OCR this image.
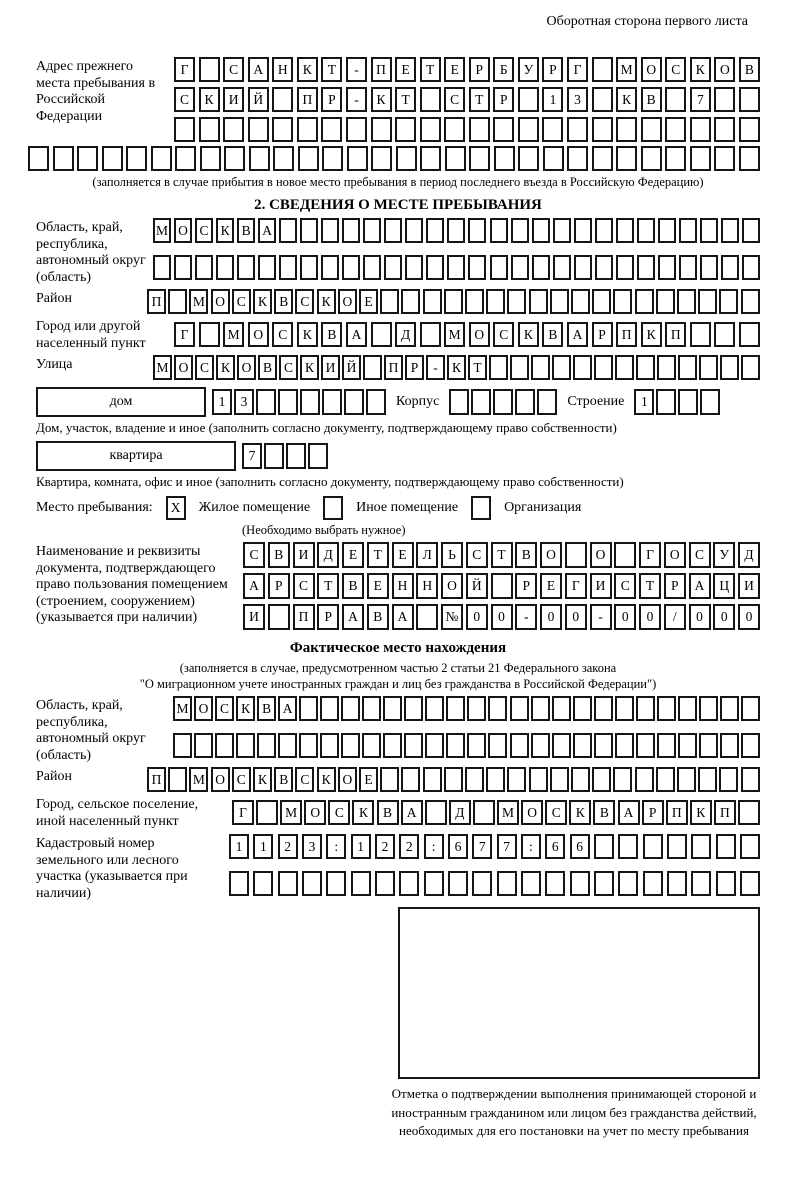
Оборотная сторона первого листа
Адрес прежнего места пребывания в Российской Федерации
Г	С	А	Н	К	Т	-	П	Е	Т	Е	Р	Б	У	Р	Г	М	О	С	К	О	В
С	К	И	Й	П	Р	-	К	Т	С	Т	Р	1	3	К	В	7
(заполняется в случае прибытия в новое место пребывания в период последнего въезда в Российскую Федерацию)
2. СВЕДЕНИЯ О МЕСТЕ ПРЕБЫВАНИЯ
Область, край, республика, автономный округ (область)
М О С К В А
Район	П	М О С К В С К О Е
Город или другой населенный пункт
Г	М	О	С	К	В	А	Д	М	О	С	К	В	А	Р	П	К	П
Улица	М О С К О В С К И Й	П Р	-	К Т
дом	1	3	Корпус	Строение	1
Дом, участок, владение и иное (заполнить согласно документу, подтверждающему право собственности)
квартира	7
Квартира, комната, офис и иное (заполнить согласно документу, подтверждающему право собственности)
Место пребывания:	X	Жилое помещение	Иное помещение	Организация
(Необходимо выбрать нужное)
Наименование и реквизиты документа, подтверждающего право пользования помещением (строением, сооружением) (указывается при наличии)
С	В	И	Д	Е	Т	Е	Л	Ь	С	Т	В	О	О	Г	О	С	У	Д
А	Р	С	Т	В	Е	Н	Н	О	Й	Р	Е	Г	И	С	Т	Р	А	Ц	И
И	П	Р	А	В	А	№	0	0	-	0	0	-	0	0	/	0	0	0
Фактическое место нахождения
(заполняется в случае, предусмотренном частью 2 статьи 21 Федерального закона
"О миграционном учете иностранных граждан и лиц без гражданства в Российской Федерации")
Область, край, республика, автономный округ (область)
М О С К В А
Район	П	М О С К В С К О Е
Город, сельское поселение, иной населенный пункт
Г	М О	С	К	В	А	Д	М О	С	К	В	А	Р	П	К	П
Кадастровый номер земельного или лесного участка (указывается при наличии)
1	1	2	3	:	1	2	2	:	6	7	7	:	6	6
Отметка о подтверждении выполнения принимающей стороной и иностранным гражданином или лицом без гражданства действий, необходимых для его постановки на учет по месту пребывания
